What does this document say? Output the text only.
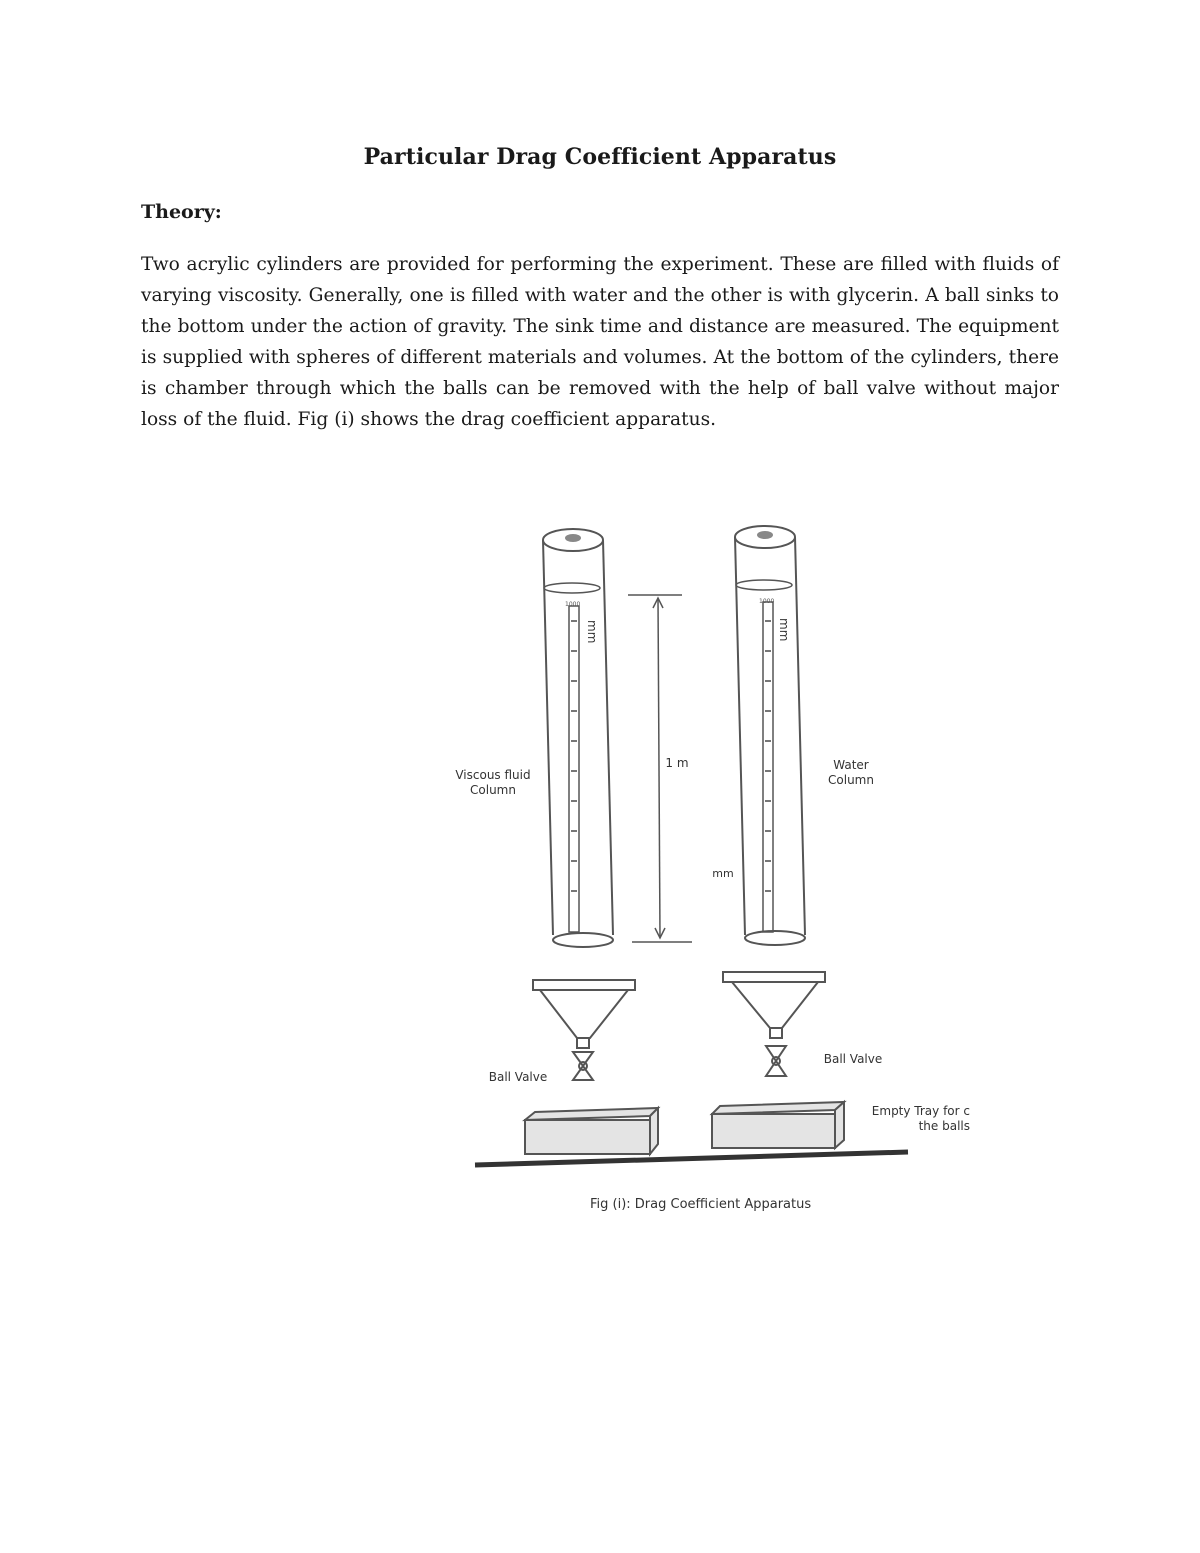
Particular Drag Coefficient Apparatus
Theory:
Two acrylic cylinders are provided for performing the experiment. These are filled with fluids of varying viscosity. Generally, one is filled with water and the other is with glycerin. A ball sinks to the bottom under the action of gravity. The sink time and distance are measured. The equipment is supplied with spheres of different materials and volumes. At the bottom of the cylinders, there is chamber through which the balls can be removed with the help of ball valve without major loss of the fluid. Fig (i) shows the drag coefficient apparatus.
mm	mm
1000	1000
Viscous fluid Column
Water Column
1 m
mm
Ball Valve
Ball Valve
Empty Tray for c the balls
Fig (i): Drag Coefficient Apparatus
